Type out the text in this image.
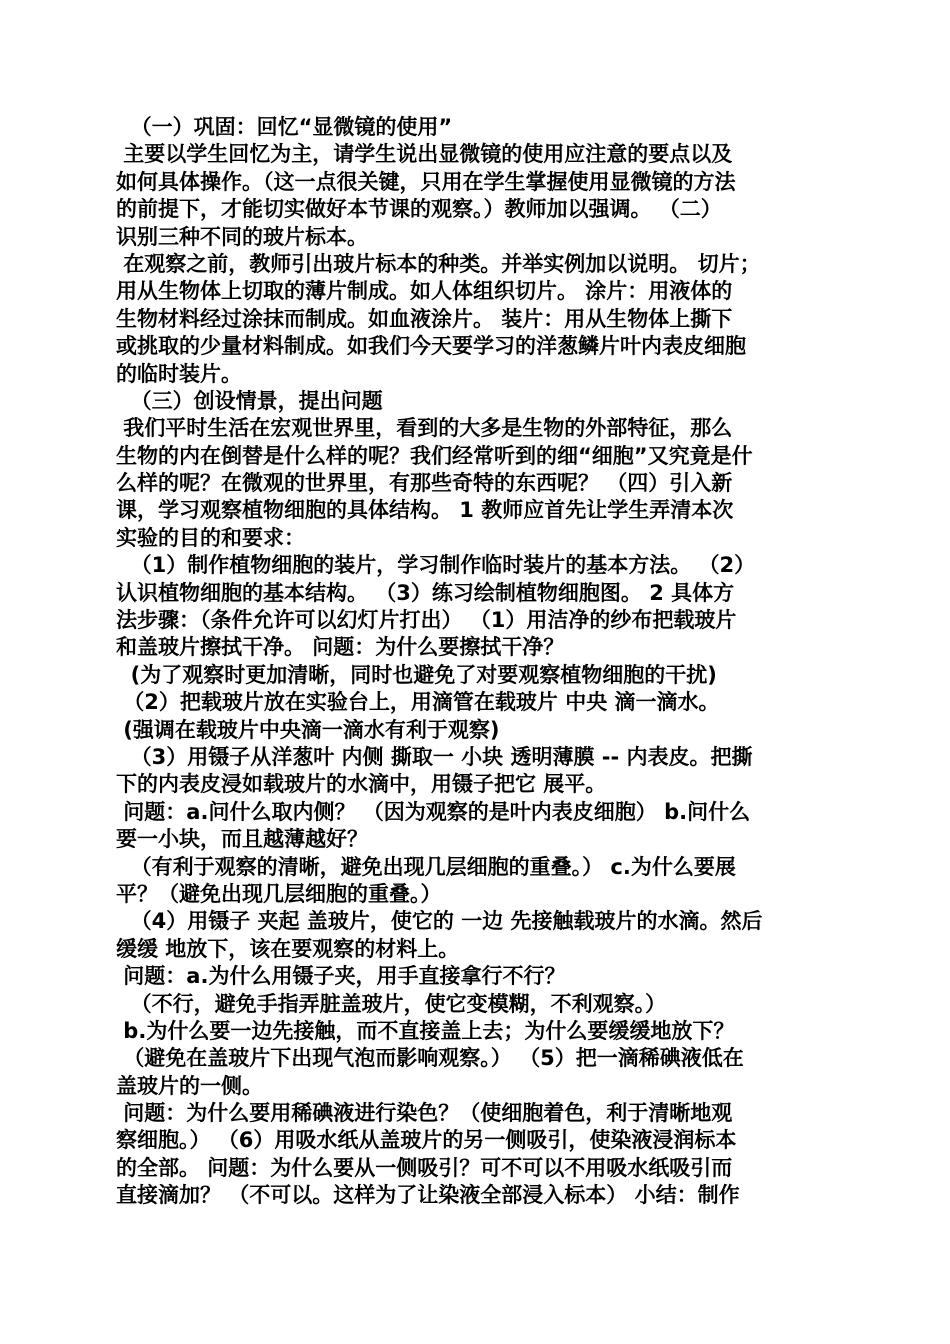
（一）巩固：回忆“显微镜的使用”
主要以学生回忆为主，请学生说出显微镜的使用应注意的要点以及
如何具体操作。（这一点很关键，只用在学生掌握使用显微镜的方法
的前提下，才能切实做好本节课的观察。）教师加以强调。 （二）
识别三种不同的玻片标本。
在观察之前，教师引出玻片标本的种类。并举实例加以说明。 切片；
用从生物体上切取的薄片制成。如人体组织切片。 涂片：用液体的
生物材料经过涂抹而制成。如血液涂片。 装片：用从生物体上撕下
或挑取的少量材料制成。如我们今天要学习的洋葱鳞片叶内表皮细胞
的临时装片。
（三）创设情景，提出问题
我们平时生活在宏观世界里，看到的大多是生物的外部特征，那么
生物的内在倒替是什么样的呢？我们经常听到的细“细胞”又究竟是什
么样的呢？在微观的世界里，有那些奇特的东西呢？ （四）引入新
课，学习观察植物细胞的具体结构。 1 教师应首先让学生弄清本次
实验的目的和要求：
（1）制作植物细胞的装片，学习制作临时装片的基本方法。 （2）
认识植物细胞的基本结构。 （3）练习绘制植物细胞图。 2 具体方
法步骤：（条件允许可以幻灯片打出） （1）用洁净的纱布把载玻片
和盖玻片擦拭干净。 问题：为什么要擦拭干净？
(为了观察时更加清晰，同时也避免了对要观察植物细胞的干扰)
（2）把载玻片放在实验台上，用滴管在载玻片 中央 滴一滴水。
(强调在载玻片中央滴一滴水有利于观察)
（3）用镊子从洋葱叶 内侧 撕取一 小块 透明薄膜 -- 内表皮。把撕
下的内表皮浸如载玻片的水滴中，用镊子把它 展平。
问题：a.问什么取内侧？ （因为观察的是叶内表皮细胞） b.问什么
要一小块，而且越薄越好？
（有利于观察的清晰，避免出现几层细胞的重叠。） c.为什么要展
平？（避免出现几层细胞的重叠。）
（4）用镊子 夹起 盖玻片，使它的 一边 先接触载玻片的水滴。然后
缓缓 地放下，该在要观察的材料上。
问题：a.为什么用镊子夹，用手直接拿行不行？
（不行，避免手指弄脏盖玻片，使它变模糊，不利观察。）
b.为什么要一边先接触，而不直接盖上去；为什么要缓缓地放下？
（避免在盖玻片下出现气泡而影响观察。） （5）把一滴稀碘液低在
盖玻片的一侧。
问题：为什么要用稀碘液进行染色？（使细胞着色，利于清晰地观
察细胞。） （6）用吸水纸从盖玻片的另一侧吸引，使染液浸润标本
的全部。 问题：为什么要从一侧吸引？可不可以不用吸水纸吸引而
直接滴加？ （不可以。这样为了让染液全部浸入标本） 小结：制作
